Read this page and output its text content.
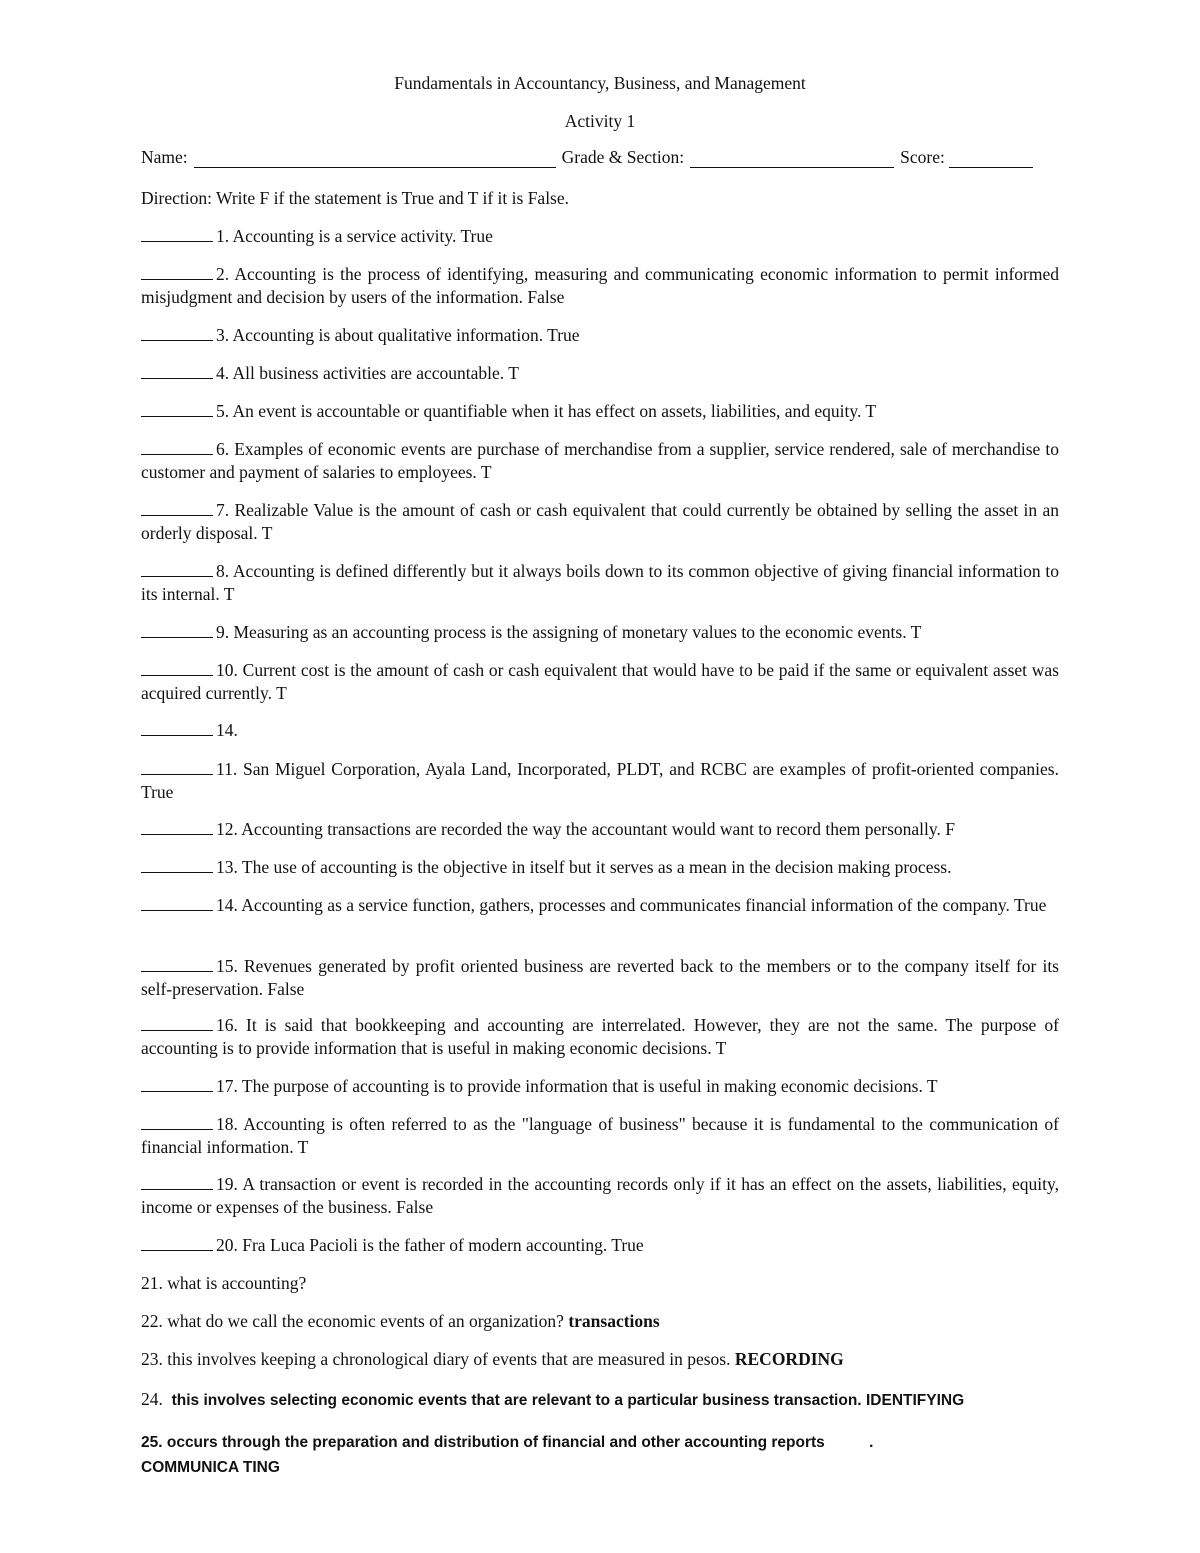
Fundamentals in Accountancy, Business, and Management
Activity 1
Name:	Grade & Section:	Score:
Direction: Write F if the statement is True and T if it is False.
1. Accounting is a service activity. True
2. Accounting is the process of identifying, measuring and communicating economic information to permit informed misjudgment and decision by users of the information. False
3. Accounting is about qualitative information. True
4. All business activities are accountable. T
5. An event is accountable or quantifiable when it has effect on assets, liabilities, and equity. T
6. Examples of economic events are purchase of merchandise from a supplier, service rendered, sale of merchandise to customer and payment of salaries to employees. T
7. Realizable Value is the amount of cash or cash equivalent that could currently be obtained by selling the asset in an orderly disposal. T
8. Accounting is defined differently but it always boils down to its common objective of giving financial information to its internal. T
9. Measuring as an accounting process is the assigning of monetary values to the economic events. T
10. Current cost is the amount of cash or cash equivalent that would have to be paid if the same or equivalent asset was acquired currently. T
14.
11. San Miguel Corporation, Ayala Land, Incorporated, PLDT, and RCBC are examples of profit-oriented companies. True
12. Accounting transactions are recorded the way the accountant would want to record them personally. F
13. The use of accounting is the objective in itself but it serves as a mean in the decision making process.
14. Accounting as a service function, gathers, processes and communicates financial information of the company. True
15. Revenues generated by profit oriented business are reverted back to the members or to the company itself for its self-preservation. False
16. It is said that bookkeeping and accounting are interrelated. However, they are not the same. The purpose of accounting is to provide information that is useful in making economic decisions. T
17. The purpose of accounting is to provide information that is useful in making economic decisions. T
18. Accounting is often referred to as the "language of business" because it is fundamental to the communication of financial information. T
19. A transaction or event is recorded in the accounting records only if it has an effect on the assets, liabilities, equity, income or expenses of the business. False
20. Fra Luca Pacioli is the father of modern accounting. True
21. what is accounting?
22. what do we call the economic events of an organization? transactions
23. this involves keeping a chronological diary of events that are measured in pesos. RECORDING
24. this involves selecting economic events that are relevant to a particular business transaction. IDENTIFYING
25. occurs through the preparation and distribution of financial and other accounting reports	.
COMMUNICA TING
